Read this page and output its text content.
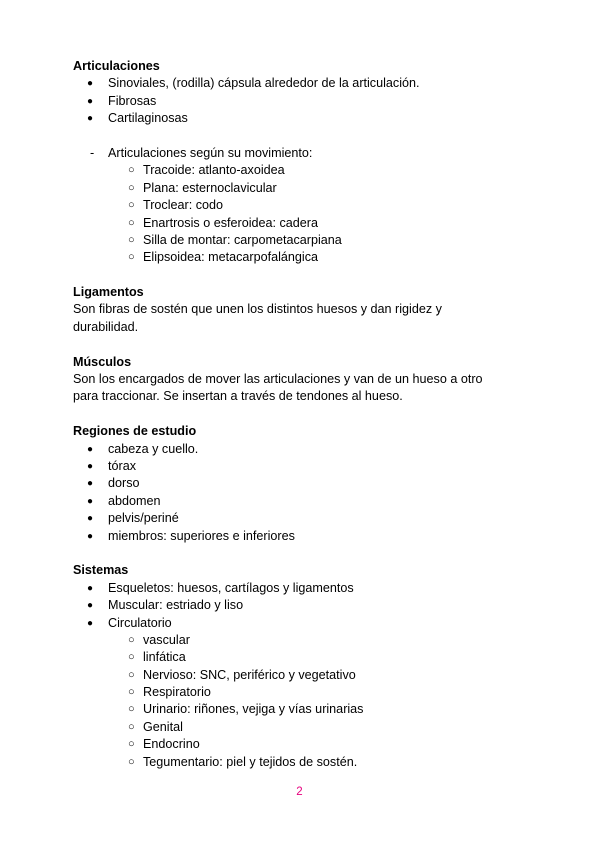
Articulaciones
● Sinoviales, (rodilla) cápsula alrededor de la articulación.
● Fibrosas
● Cartilaginosas
- Articulaciones según su movimiento:
○ Tracoide: atlanto-axoidea
○ Plana: esternoclavicular
○ Troclear: codo
○ Enartrosis o esferoidea: cadera
○ Silla de montar: carpometacarpiana
○ Elipsoidea: metacarpofalángica
Ligamentos
Son fibras de sostén que unen los distintos huesos y dan rigidez y
durabilidad.
Músculos
Son los encargados de mover las articulaciones y van de un hueso a otro
para traccionar. Se insertan a través de tendones al hueso.
Regiones de estudio
● cabeza y cuello.
● tórax
● dorso
● abdomen
● pelvis/periné
● miembros: superiores e inferiores
Sistemas
● Esqueletos: huesos, cartílagos y ligamentos
● Muscular: estriado y liso
● Circulatorio
○ vascular
○ linfática
○ Nervioso: SNC, periférico y vegetativo
○ Respiratorio
○ Urinario: riñones, vejiga y vías urinarias
○ Genital
○ Endocrino
○ Tegumentario: piel y tejidos de sostén.
2
